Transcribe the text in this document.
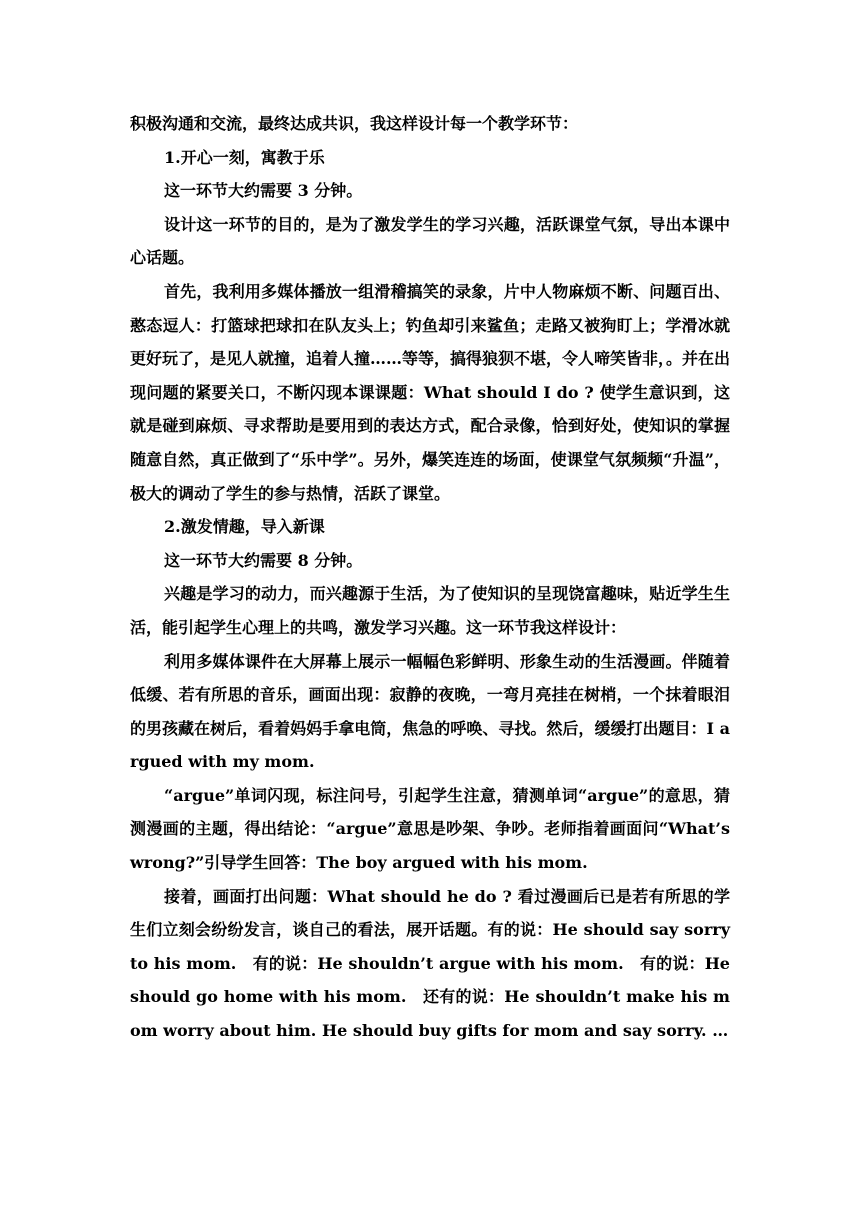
积极沟通和交流，最终达成共识，我这样设计每一个教学环节：

1.开心一刻，寓教于乐

这一环节大约需要 3 分钟。

设计这一环节的目的，是为了激发学生的学习兴趣，活跃课堂气氛，导出本课中心话题。

首先，我利用多媒体播放一组滑稽搞笑的录象，片中人物麻烦不断、问题百出、憨态逗人：打篮球把球扣在队友头上；钓鱼却引来鲨鱼；走路又被狗盯上；学滑冰就更好玩了，是见人就撞，追着人撞……等等，搞得狼狈不堪，令人啼笑皆非，。并在出现问题的紧要关口，不断闪现本课课题：What should I do ? 使学生意识到，这就是碰到麻烦、寻求帮助是要用到的表达方式，配合录像，恰到好处，使知识的掌握随意自然，真正做到了“乐中学”。另外，爆笑连连的场面，使课堂气氛频频“升温”，极大的调动了学生的参与热情，活跃了课堂。

2.激发情趣，导入新课

这一环节大约需要 8 分钟。

兴趣是学习的动力，而兴趣源于生活，为了使知识的呈现饶富趣味，贴近学生生活，能引起学生心理上的共鸣，激发学习兴趣。这一环节我这样设计：

利用多媒体课件在大屏幕上展示一幅幅色彩鲜明、形象生动的生活漫画。伴随着低缓、若有所思的音乐，画面出现：寂静的夜晚，一弯月亮挂在树梢，一个抹着眼泪的男孩藏在树后，看着妈妈手拿电筒，焦急的呼唤、寻找。然后，缓缓打出题目：I argued with my mom.

“argue”单词闪现，标注问号，引起学生注意，猜测单词“argue”的意思，猜测漫画的主题，得出结论：“argue”意思是吵架、争吵。老师指着画面问“What’s wrong?”引导学生回答：The boy argued with his mom.

接着，画面打出问题：What should he do ? 看过漫画后已是若有所思的学生们立刻会纷纷发言，谈自己的看法，展开话题。有的说：He should say sorry to his mom.　有的说：He shouldn’t argue with his mom.　有的说：He should go home with his mom.　还有的说：He shouldn’t make his mom worry about him. He should buy gifts for mom and say sorry. …
